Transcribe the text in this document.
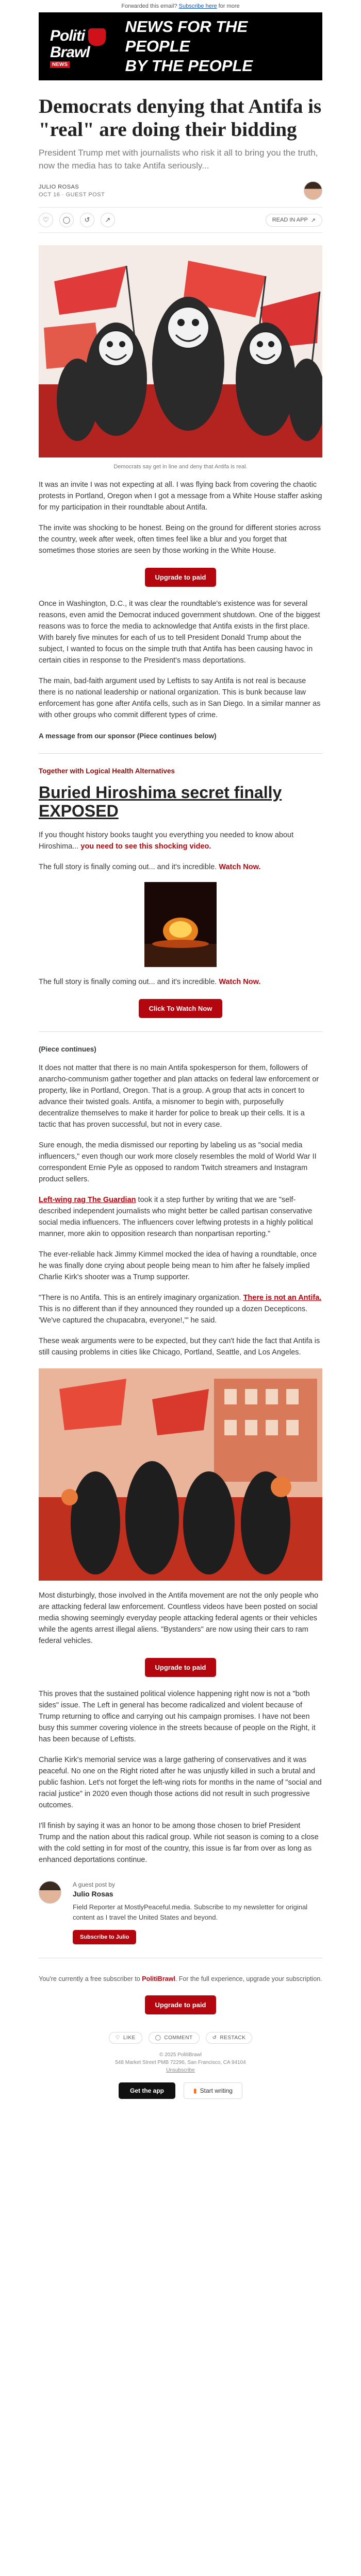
Forwarded this email? Subscribe here for more
Politi
Brawl
NEWS
NEWS FOR THE PEOPLE
BY THE PEOPLE
Democrats denying that Antifa is "real" are doing their bidding
President Trump met with journalists who risk it all to bring you the truth, now the media has to take Antifa seriously...
JULIO ROSAS
OCT 16 · GUEST POST
♡	◯	↺	↗	READ IN APP ↗
Democrats say get in line and deny that Antifa is real.

It was an invite I was not expecting at all. I was flying back from covering the chaotic protests in Portland, Oregon when I got a message from a White House staffer asking for my participation in their roundtable about Antifa.

The invite was shocking to be honest. Being on the ground for different stories across the country, week after week, often times feel like a blur and you forget that sometimes those stories are seen by those working in the White House.

Upgrade to paid

Once in Washington, D.C., it was clear the roundtable's existence was for several reasons, even amid the Democrat induced government shutdown. One of the biggest reasons was to force the media to acknowledge that Antifa exists in the first place. With barely five minutes for each of us to tell President Donald Trump about the subject, I wanted to focus on the simple truth that Antifa has been causing havoc in certain cities in response to the President's mass deportations.

The main, bad-faith argument used by Leftists to say Antifa is not real is because there is no national leadership or national organization. This is bunk because law enforcement has gone after Antifa cells, such as in San Diego. In a similar manner as with other groups who commit different types of crime.

A message from our sponsor (Piece continues below)
Together with Logical Health Alternatives
Buried Hiroshima secret finally EXPOSED

If you thought history books taught you everything you needed to know about Hiroshima... you need to see this shocking video.

The full story is finally coming out... and it's incredible. Watch Now.

The full story is finally coming out... and it's incredible. Watch Now.

Click To Watch Now
(Piece continues)

It does not matter that there is no main Antifa spokesperson for them, followers of anarcho-communism gather together and plan attacks on federal law enforcement or property, like in Portland, Oregon. That is a group. A group that acts in concert to advance their twisted goals. Antifa, a misnomer to begin with, purposefully decentralize themselves to make it harder for police to break up their cells. It is a tactic that has proven successful, but not in every case.

Sure enough, the media dismissed our reporting by labeling us as "social media influencers," even though our work more closely resembles the mold of World War II correspondent Ernie Pyle as opposed to random Twitch streamers and Instagram product sellers.

Left-wing rag The Guardian took it a step further by writing that we are "self-described independent journalists who might better be called partisan conservative social media influencers. The influencers cover leftwing protests in a highly political manner, more akin to opposition research than nonpartisan reporting."

The ever-reliable hack Jimmy Kimmel mocked the idea of having a roundtable, once he was finally done crying about people being mean to him after he falsely implied Charlie Kirk's shooter was a Trump supporter.

"There is no Antifa. This is an entirely imaginary organization. There is not an Antifa. This is no different than if they announced they rounded up a dozen Decepticons. 'We've captured the chupacabra, everyone!,'" he said.

These weak arguments were to be expected, but they can't hide the fact that Antifa is still causing problems in cities like Chicago, Portland, Seattle, and Los Angeles.

Most disturbingly, those involved in the Antifa movement are not the only people who are attacking federal law enforcement. Countless videos have been posted on social media showing seemingly everyday people attacking federal agents or their vehicles while the agents arrest illegal aliens. "Bystanders" are now using their cars to ram federal vehicles.

Upgrade to paid

This proves that the sustained political violence happening right now is not a "both sides" issue. The Left in general has become radicalized and violent because of Trump returning to office and carrying out his campaign promises. I have not been busy this summer covering violence in the streets because of people on the Right, it has been because of Leftists.

Charlie Kirk's memorial service was a large gathering of conservatives and it was peaceful. No one on the Right rioted after he was unjustly killed in such a brutal and public fashion. Let's not forget the left-wing riots for months in the name of "social and racial justice" in 2020 even though those actions did not result in such progressive outcomes.

I'll finish by saying it was an honor to be among those chosen to brief President Trump and the nation about this radical group. While riot season is coming to a close with the cold setting in for most of the country, this issue is far from over as long as enhanced deportations continue.

A guest post by
Julio Rosas
Field Reporter at MostlyPeaceful.media. Subscribe to my newsletter for original content as I travel the United States and beyond.
Subscribe to Julio
You're currently a free subscriber to PolitiBrawl. For the full experience, upgrade your subscription.
Upgrade to paid
♡ LIKE	◯ COMMENT	↺ RESTACK
© 2025 PolitiBrawl
548 Market Street PMB 72296, San Francisco, CA 94104
Unsubscribe
Get the app	▮ Start writing
